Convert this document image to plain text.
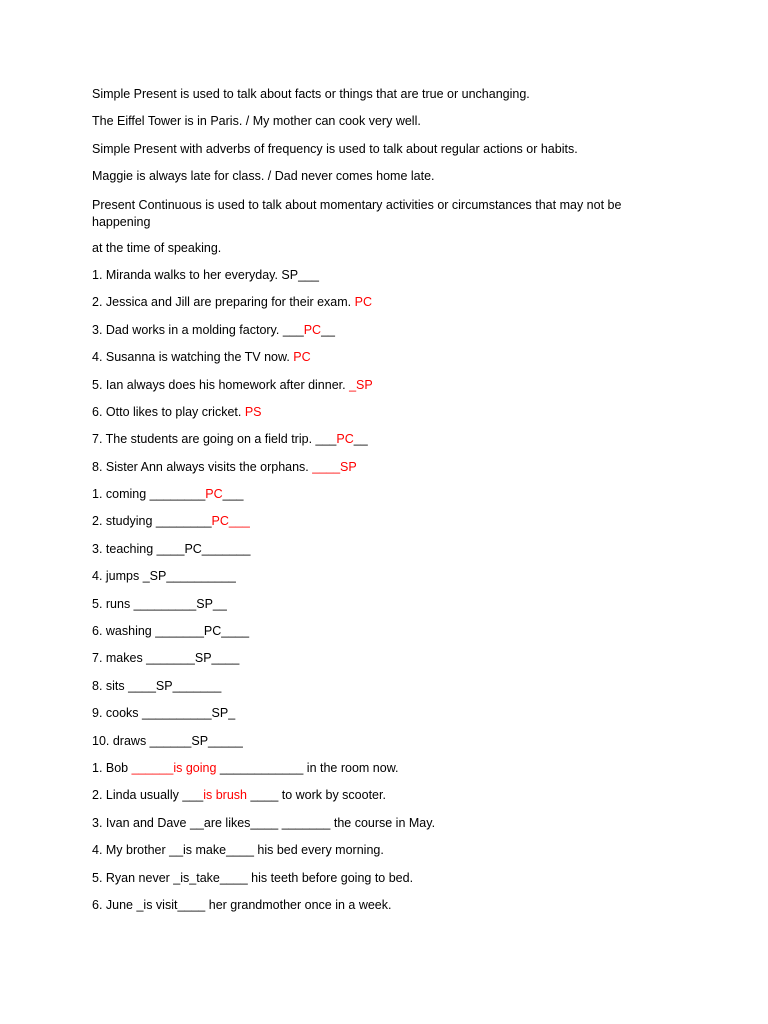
Simple Present is used to talk about facts or things that are true or unchanging.
The Eiffel Tower is in Paris. / My mother can cook very well.
Simple Present with adverbs of frequency is used to talk about regular actions or habits.
Maggie is always late for class. / Dad never comes home late.
Present Continuous is used to talk about momentary activities or circumstances that may not be happening
at the time of speaking.
1. Miranda walks to her everyday. SP___
2. Jessica and Jill are preparing for their exam. PC
3. Dad works in a molding factory. ___PC__
4. Susanna is watching the TV now. PC
5. Ian always does his homework after dinner. _SP
6. Otto likes to play cricket. PS
7. The students are going on a field trip. ___PC__
8. Sister Ann always visits the orphans. ____SP
1. coming ________PC___
2. studying ________PC___
3. teaching ____PC_______
4. jumps _SP__________
5. runs _________SP__
6. washing _______PC____
7. makes _______SP____
8. sits ____SP_______
9. cooks __________SP_
10. draws ______SP_____
1. Bob ______is going ____________ in the room now.
2. Linda usually ___is brush ____ to work by scooter.
3. Ivan and Dave __are likes____ _______ the course in May.
4. My brother __is make____ his bed every morning.
5. Ryan never _is_take____ his teeth before going to bed.
6. June _is visit____ her grandmother once in a week.
